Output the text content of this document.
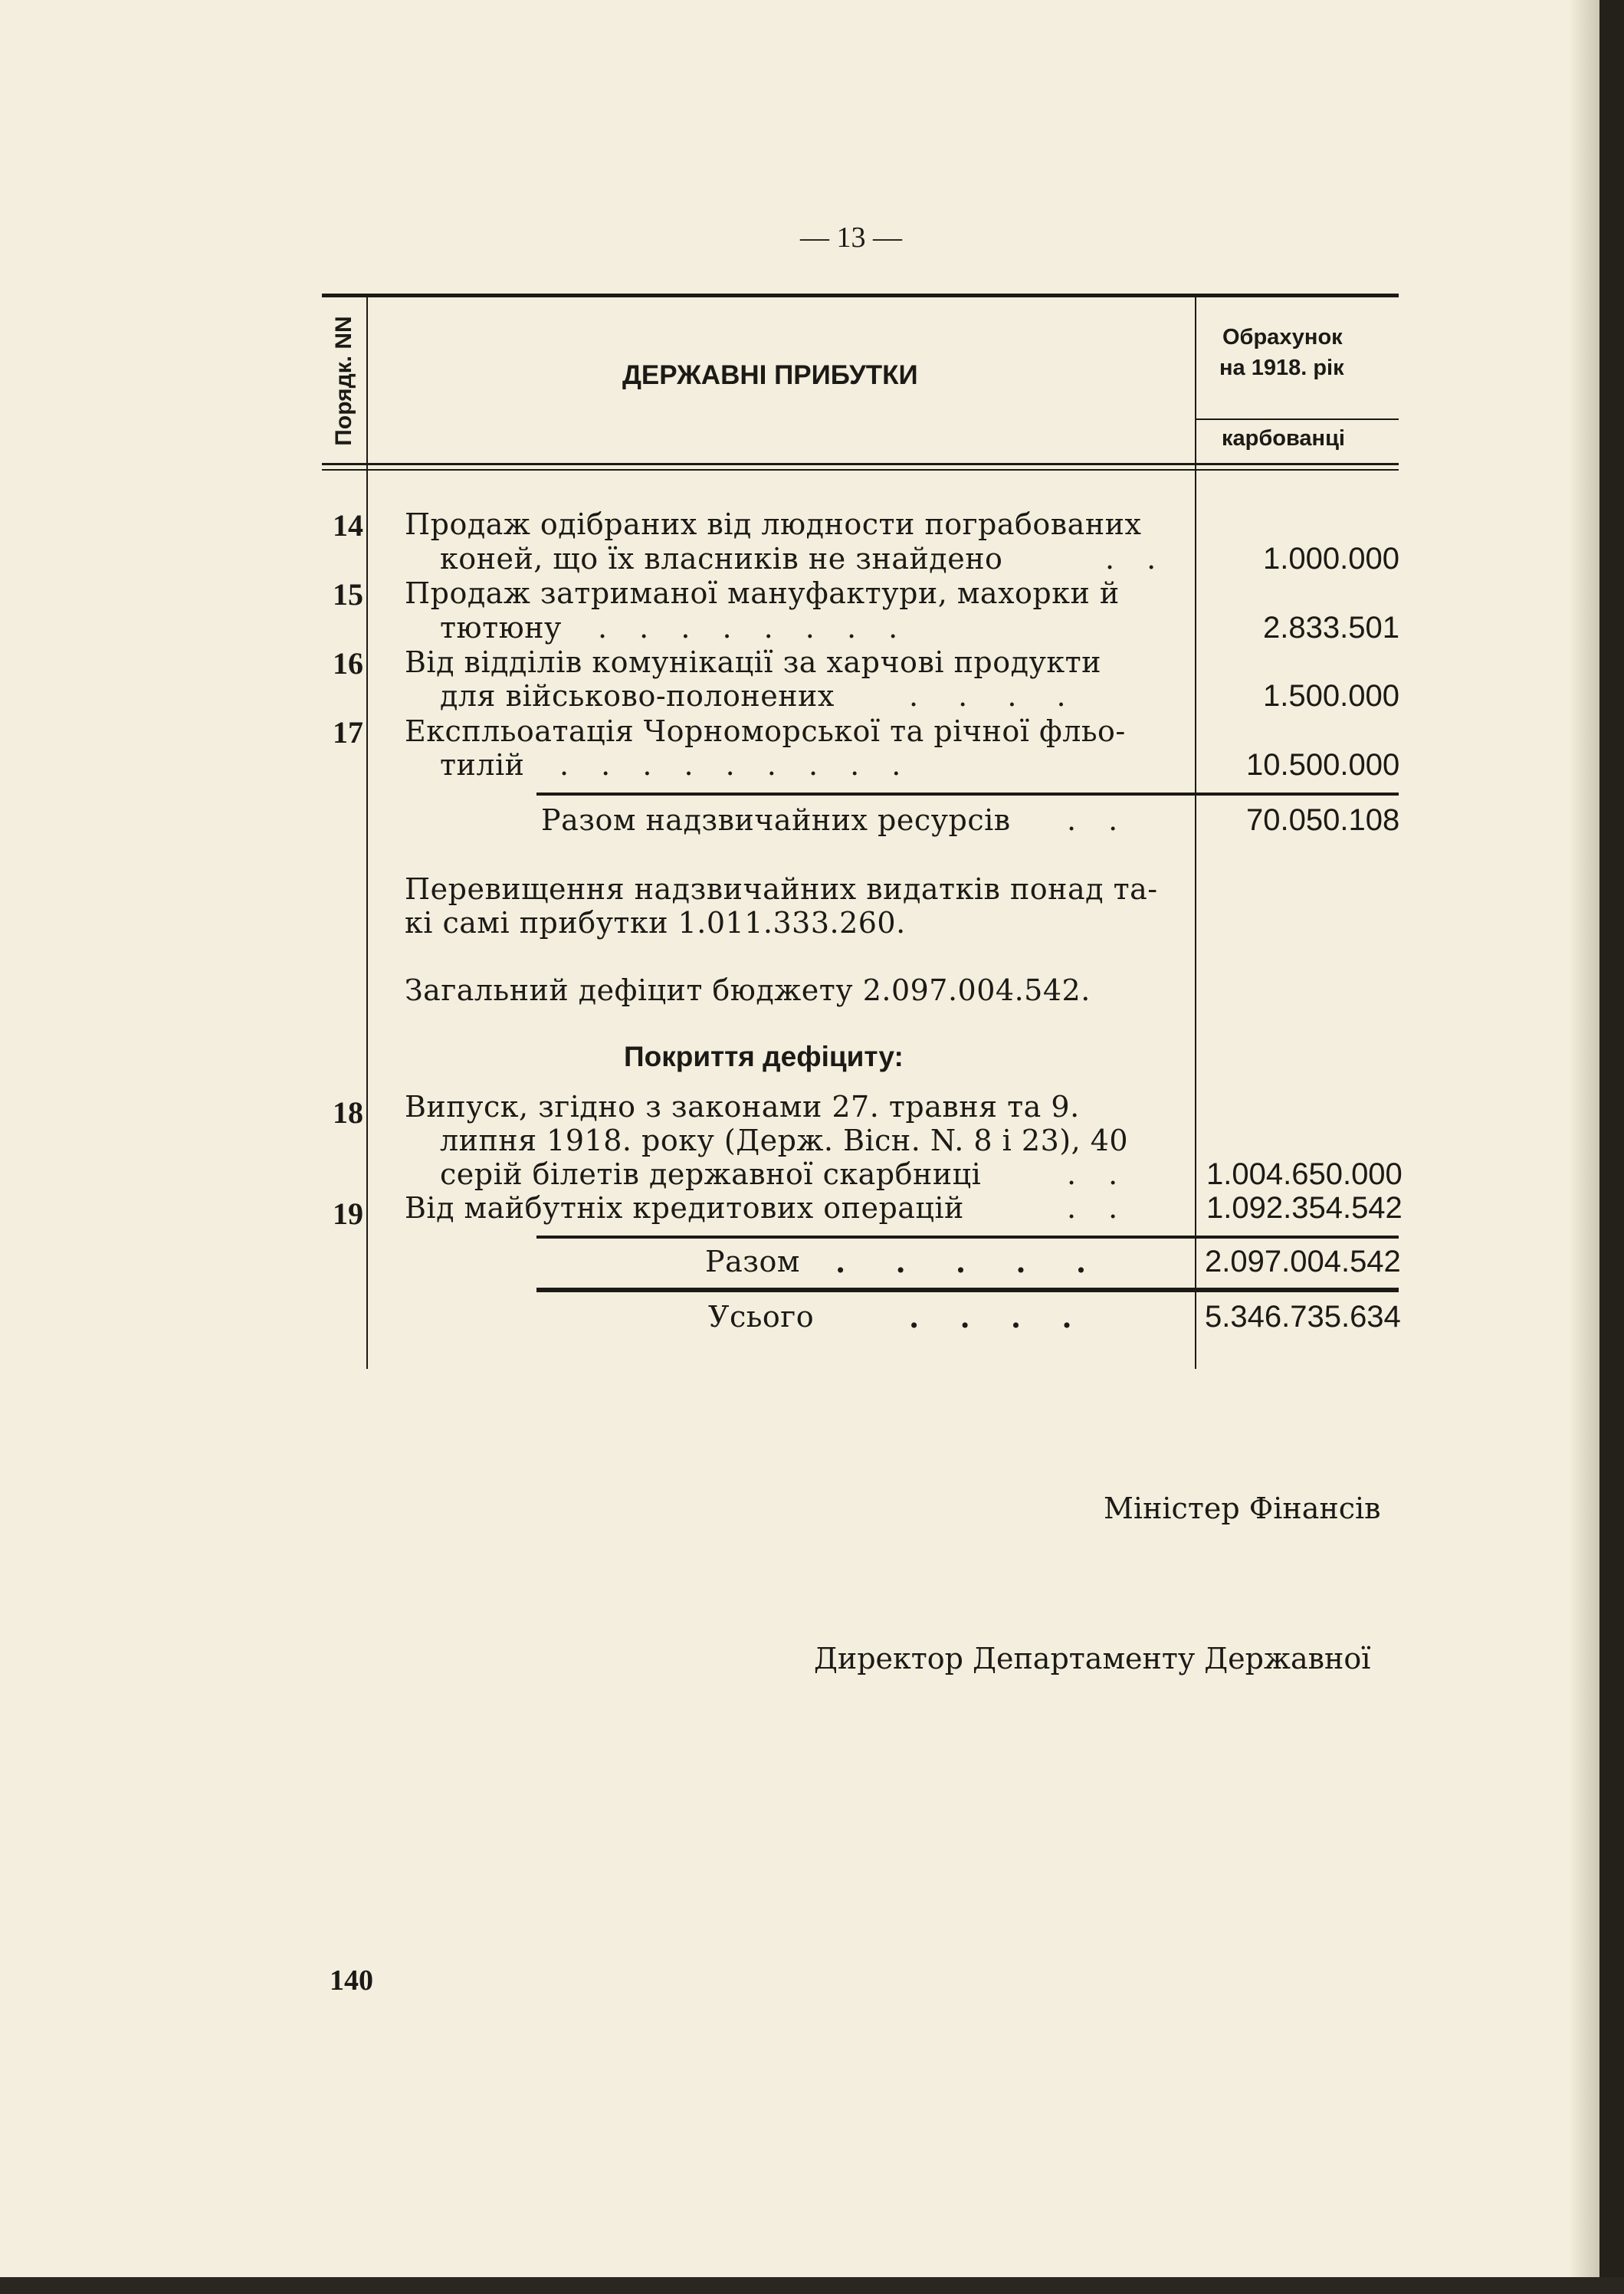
— 13 —
Порядк. NN	ДЕРЖАВНІ ПРИБУТКИ
Обрахунок
на 1918. рік
карбованці
14 Продаж одібраних від людности пограбованих
коней, що їх власників не знайдено	. .	1.000.000
15 Продаж затриманої мануфактури, махорки й
тютюну . . . . . . . .	2.833.501
16 Від відділів комунікації за харчові продукти
для військово-полонених	. . . .	1.500.000
17 Експльоатація Чорноморської та річної фльо-
тилій . . . . . . . . .	10.500.000
Разом надзвичайних ресурсів . .	70.050.108
Перевищення надзвичайних видатків понад та-
кі самі прибутки 1.011.333.260.
Загальний дефіцит бюджету 2.097.004.542.
Покриття дефіциту:
18 Випуск, згідно з законами 27. травня та 9.
липня 1918. року (Держ. Вісн. N. 8 і 23), 40
серій білетів державної скарбниці	. .	1.004.650.000
19 Від майбутніх кредитових операцій	. .	1.092.354.542
Разом . . . . .	2.097.004.542
Усього	. . . .	5.346.735.634
Міністер Фінансів
Директор Департаменту Державної
140
